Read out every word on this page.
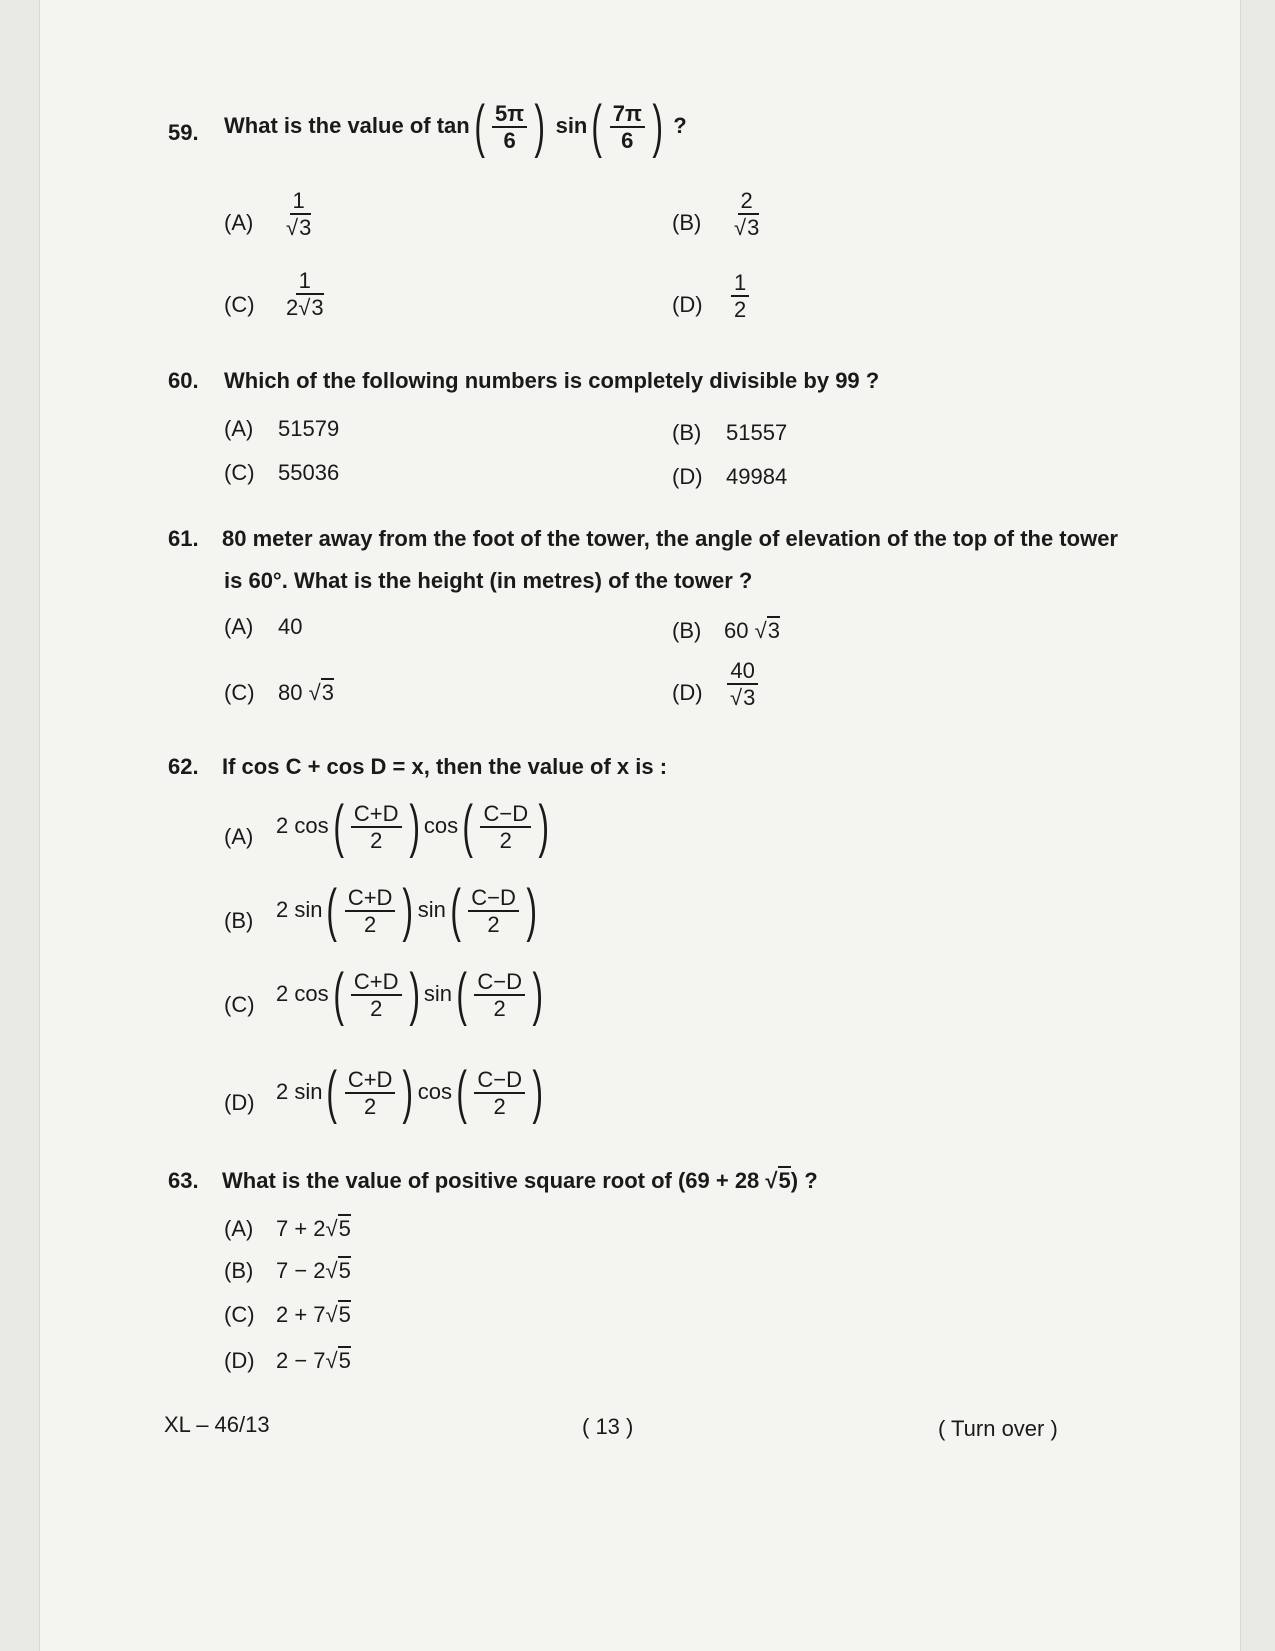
59. What is the value of $\tan( \frac{5\pi}{6}$ ) $\sin( \frac{7\pi}{6}$ ) ?
$(A) \frac{1}{√3}$	$(B) \frac{2}{√3}$
$(C) \frac{1}{2√3}$	$(D) \frac{1}{2}$
60. Which of the following numbers is completely divisible by 99 ?
(A) 51579	(B) 51557
(C) 55036	(D) 49984
61. 80 meter away from the foot of the tower, the angle of elevation of the top of the tower
is 60°. What is the height (in metres) of the tower ?
(A) 40	(B) 60 √3
(C) 80 √3	$(D) \frac{40}{√3}$
62. If cos C + cos D = x, then the value of x is :
(A) 2 $\cos( \frac{C+D}{2}$ ) $\cos( \frac{C-D}{2}$ )
(B) 2 $\sin( \frac{C+D}{2}$ ) $\sin( \frac{C-D}{2}$ )
(C) 2 $\cos( \frac{C+D}{2}$ ) $\sin( \frac{C-D}{2}$ )
(D) 2 $\sin( \frac{C+D}{2}$ ) $\cos( \frac{C-D}{2}$ )
63. What is the value of positive square root of (69 + 28 √5) ?
(A) 7 + 2√5
(B) 7 − 2√5
(C) 2 + 7√5
(D) 2 − 7√5
XL – 46/13	( 13 )	( Turn over )
